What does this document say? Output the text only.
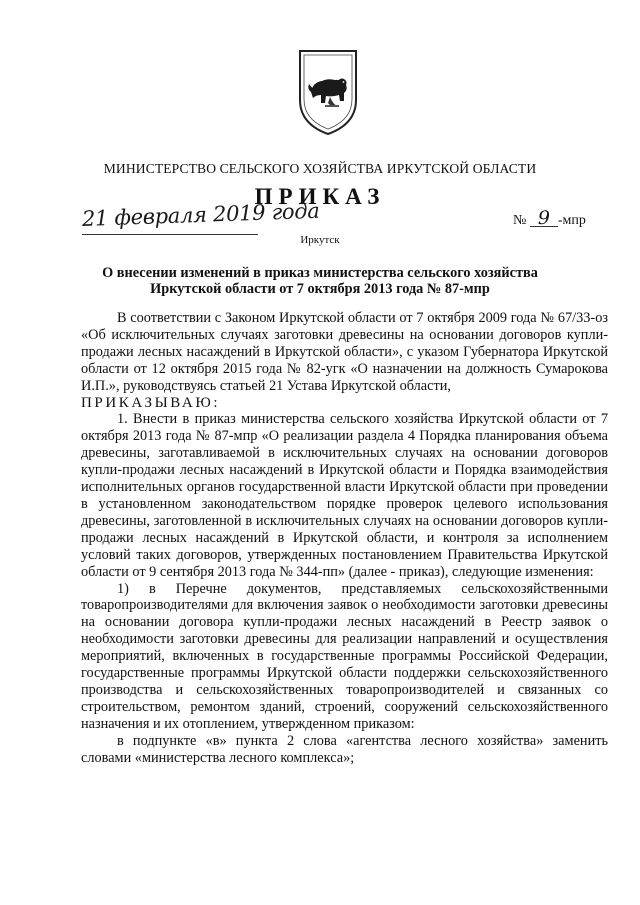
МИНИСТЕРСТВО СЕЛЬСКОГО ХОЗЯЙСТВА ИРКУТСКОЙ ОБЛАСТИ
ПРИКАЗ
21 февраля 2019 года	№ 9 -мпр
Иркутск
О внесении изменений в приказ министерства сельского хозяйства
Иркутской области от 7 октября 2013 года № 87-мпр

В соответствии с Законом Иркутской области от 7 октября 2009 года № 67/33-оз «Об исключительных случаях заготовки древесины на основании договоров купли-продажи лесных насаждений в Иркутской области», с указом Губернатора Иркутской области от 12 октября 2015 года № 82-угк «О назначении на должность Сумарокова И.П.», руководствуясь статьей 21 Устава Иркутской области,

ПРИКАЗЫВАЮ:

1. Внести в приказ министерства сельского хозяйства Иркутской области от 7 октября 2013 года № 87-мпр «О реализации раздела 4 Порядка планирования объема древесины, заготавливаемой в исключительных случаях на основании договоров купли-продажи лесных насаждений в Иркутской области и Порядка взаимодействия исполнительных органов государственной власти Иркутской области при проведении в установленном законодательством порядке проверок целевого использования древесины, заготовленной в исключительных случаях на основании договоров купли-продажи лесных насаждений в Иркутской области, и контроля за исполнением условий таких договоров, утвержденных постановлением Правительства Иркутской области от 9 сентября 2013 года № 344-пп» (далее - приказ), следующие изменения:

1) в Перечне документов, представляемых сельскохозяйственными товаропроизводителями для включения заявок о необходимости заготовки древесины на основании договора купли-продажи лесных насаждений в Реестр заявок о необходимости заготовки древесины для реализации направлений и осуществления мероприятий, включенных в государственные программы Российской Федерации, государственные программы Иркутской области поддержки сельскохозяйственного производства и сельскохозяйственных товаропроизводителей и связанных со строительством, ремонтом зданий, строений, сооружений сельскохозяйственного назначения и их отоплением, утвержденном приказом:

в подпункте «в» пункта 2 слова «агентства лесного хозяйства» заменить словами «министерства лесного комплекса»;
